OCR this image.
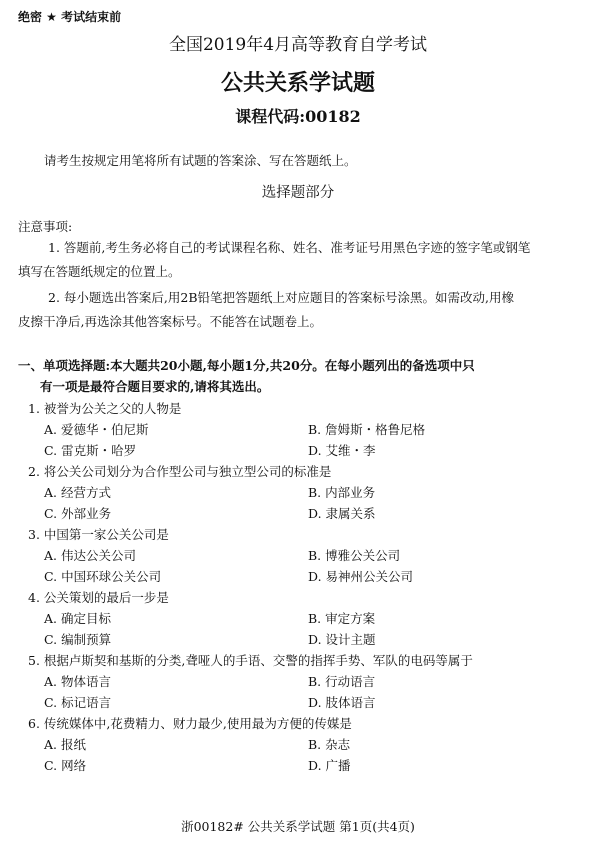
绝密 ★ 考试结束前
全国2019年4月高等教育自学考试
公共关系学试题
课程代码:00182
请考生按规定用笔将所有试题的答案涂、写在答题纸上。
选择题部分
注意事项:
1. 答题前,考生务必将自己的考试课程名称、姓名、准考证号用黑色字迹的签字笔或钢笔
填写在答题纸规定的位置上。
2. 每小题选出答案后,用2B铅笔把答题纸上对应题目的答案标号涂黑。如需改动,用橡
皮擦干净后,再选涂其他答案标号。不能答在试题卷上。
一、单项选择题:本大题共20小题,每小题1分,共20分。在每小题列出的备选项中只
有一项是最符合题目要求的,请将其选出。
1. 被誉为公关之父的人物是
A. 爱德华・伯尼斯	B. 詹姆斯・格鲁尼格
C. 雷克斯・哈罗	D. 艾维・李
2. 将公关公司划分为合作型公司与独立型公司的标准是
A. 经营方式	B. 内部业务
C. 外部业务	D. 隶属关系
3. 中国第一家公关公司是
A. 伟达公关公司	B. 博雅公关公司
C. 中国环球公关公司	D. 易神州公关公司
4. 公关策划的最后一步是
A. 确定目标	B. 审定方案
C. 编制预算	D. 设计主题
5. 根据卢斯契和基斯的分类,聋哑人的手语、交警的指挥手势、军队的电码等属于
A. 物体语言	B. 行动语言
C. 标记语言	D. 肢体语言
6. 传统媒体中,花费精力、财力最少,使用最为方便的传媒是
A. 报纸	B. 杂志
C. 网络	D. 广播
浙00182# 公共关系学试题 第1页(共4页)
